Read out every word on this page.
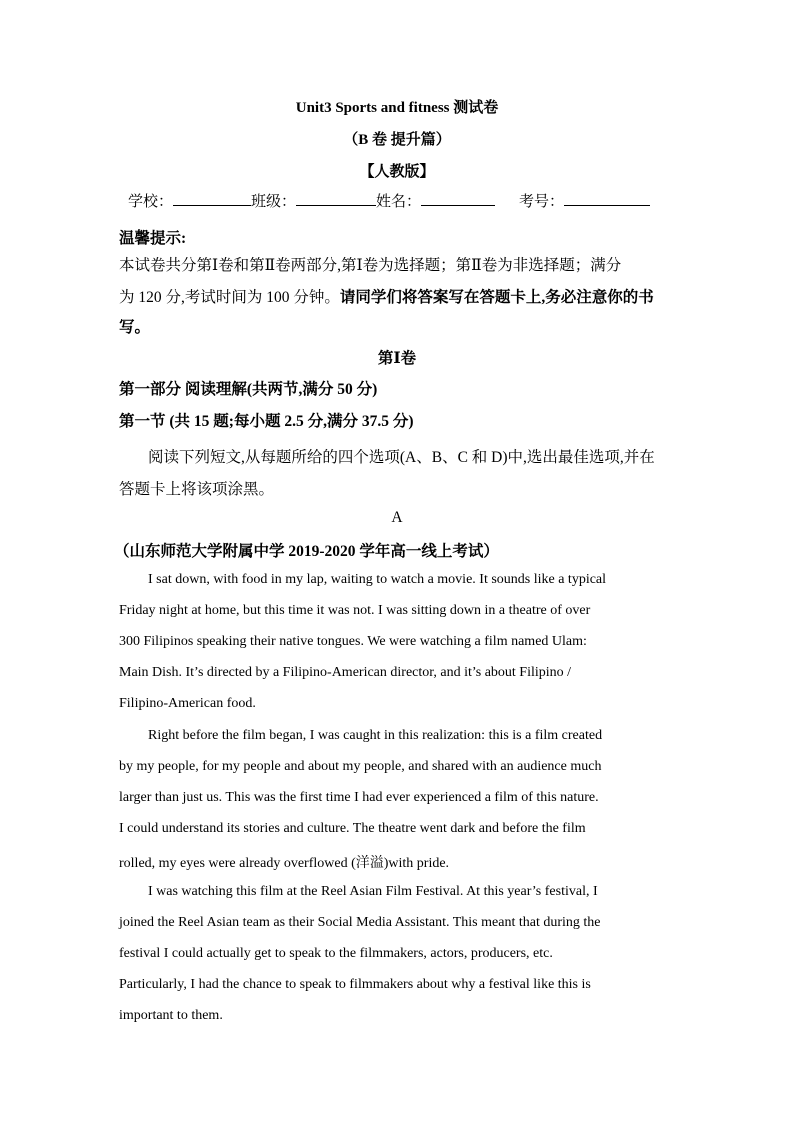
Unit3 Sports and fitness 测试卷
（B 卷 提升篇）
【人教版】
学校：	班级：	姓名：	考号：
温馨提示:
本试卷共分第Ⅰ卷和第Ⅱ卷两部分,第Ⅰ卷为选择题；第Ⅱ卷为非选择题；满分
为 120 分,考试时间为 100 分钟。请同学们将答案写在答题卡上,务必注意你的书
写。
第Ⅰ卷
第一部分 阅读理解(共两节,满分 50 分)
第一节 (共 15 题;每小题 2.5 分,满分 37.5 分)
阅读下列短文,从每题所给的四个选项(A、B、C 和 D)中,选出最佳选项,并在
答题卡上将该项涂黑。
A
（山东师范大学附属中学 2019-2020 学年高一线上考试）
I sat down, with food in my lap, waiting to watch a movie. It sounds like a typical
Friday night at home, but this time it was not. I was sitting down in a theatre of over
300 Filipinos speaking their native tongues. We were watching a film named Ulam:
Main Dish. It’s directed by a Filipino-American director, and it’s about Filipino /
Filipino-American food.
Right before the film began, I was caught in this realization: this is a film created
by my people, for my people and about my people, and shared with an audience much
larger than just us. This was the first time I had ever experienced a film of this nature.
I could understand its stories and culture. The theatre went dark and before the film
rolled, my eyes were already overflowed (洋溢)with pride.
I was watching this film at the Reel Asian Film Festival. At this year’s festival, I
joined the Reel Asian team as their Social Media Assistant. This meant that during the
festival I could actually get to speak to the filmmakers, actors, producers, etc.
Particularly, I had the chance to speak to filmmakers about why a festival like this is
important to them.
